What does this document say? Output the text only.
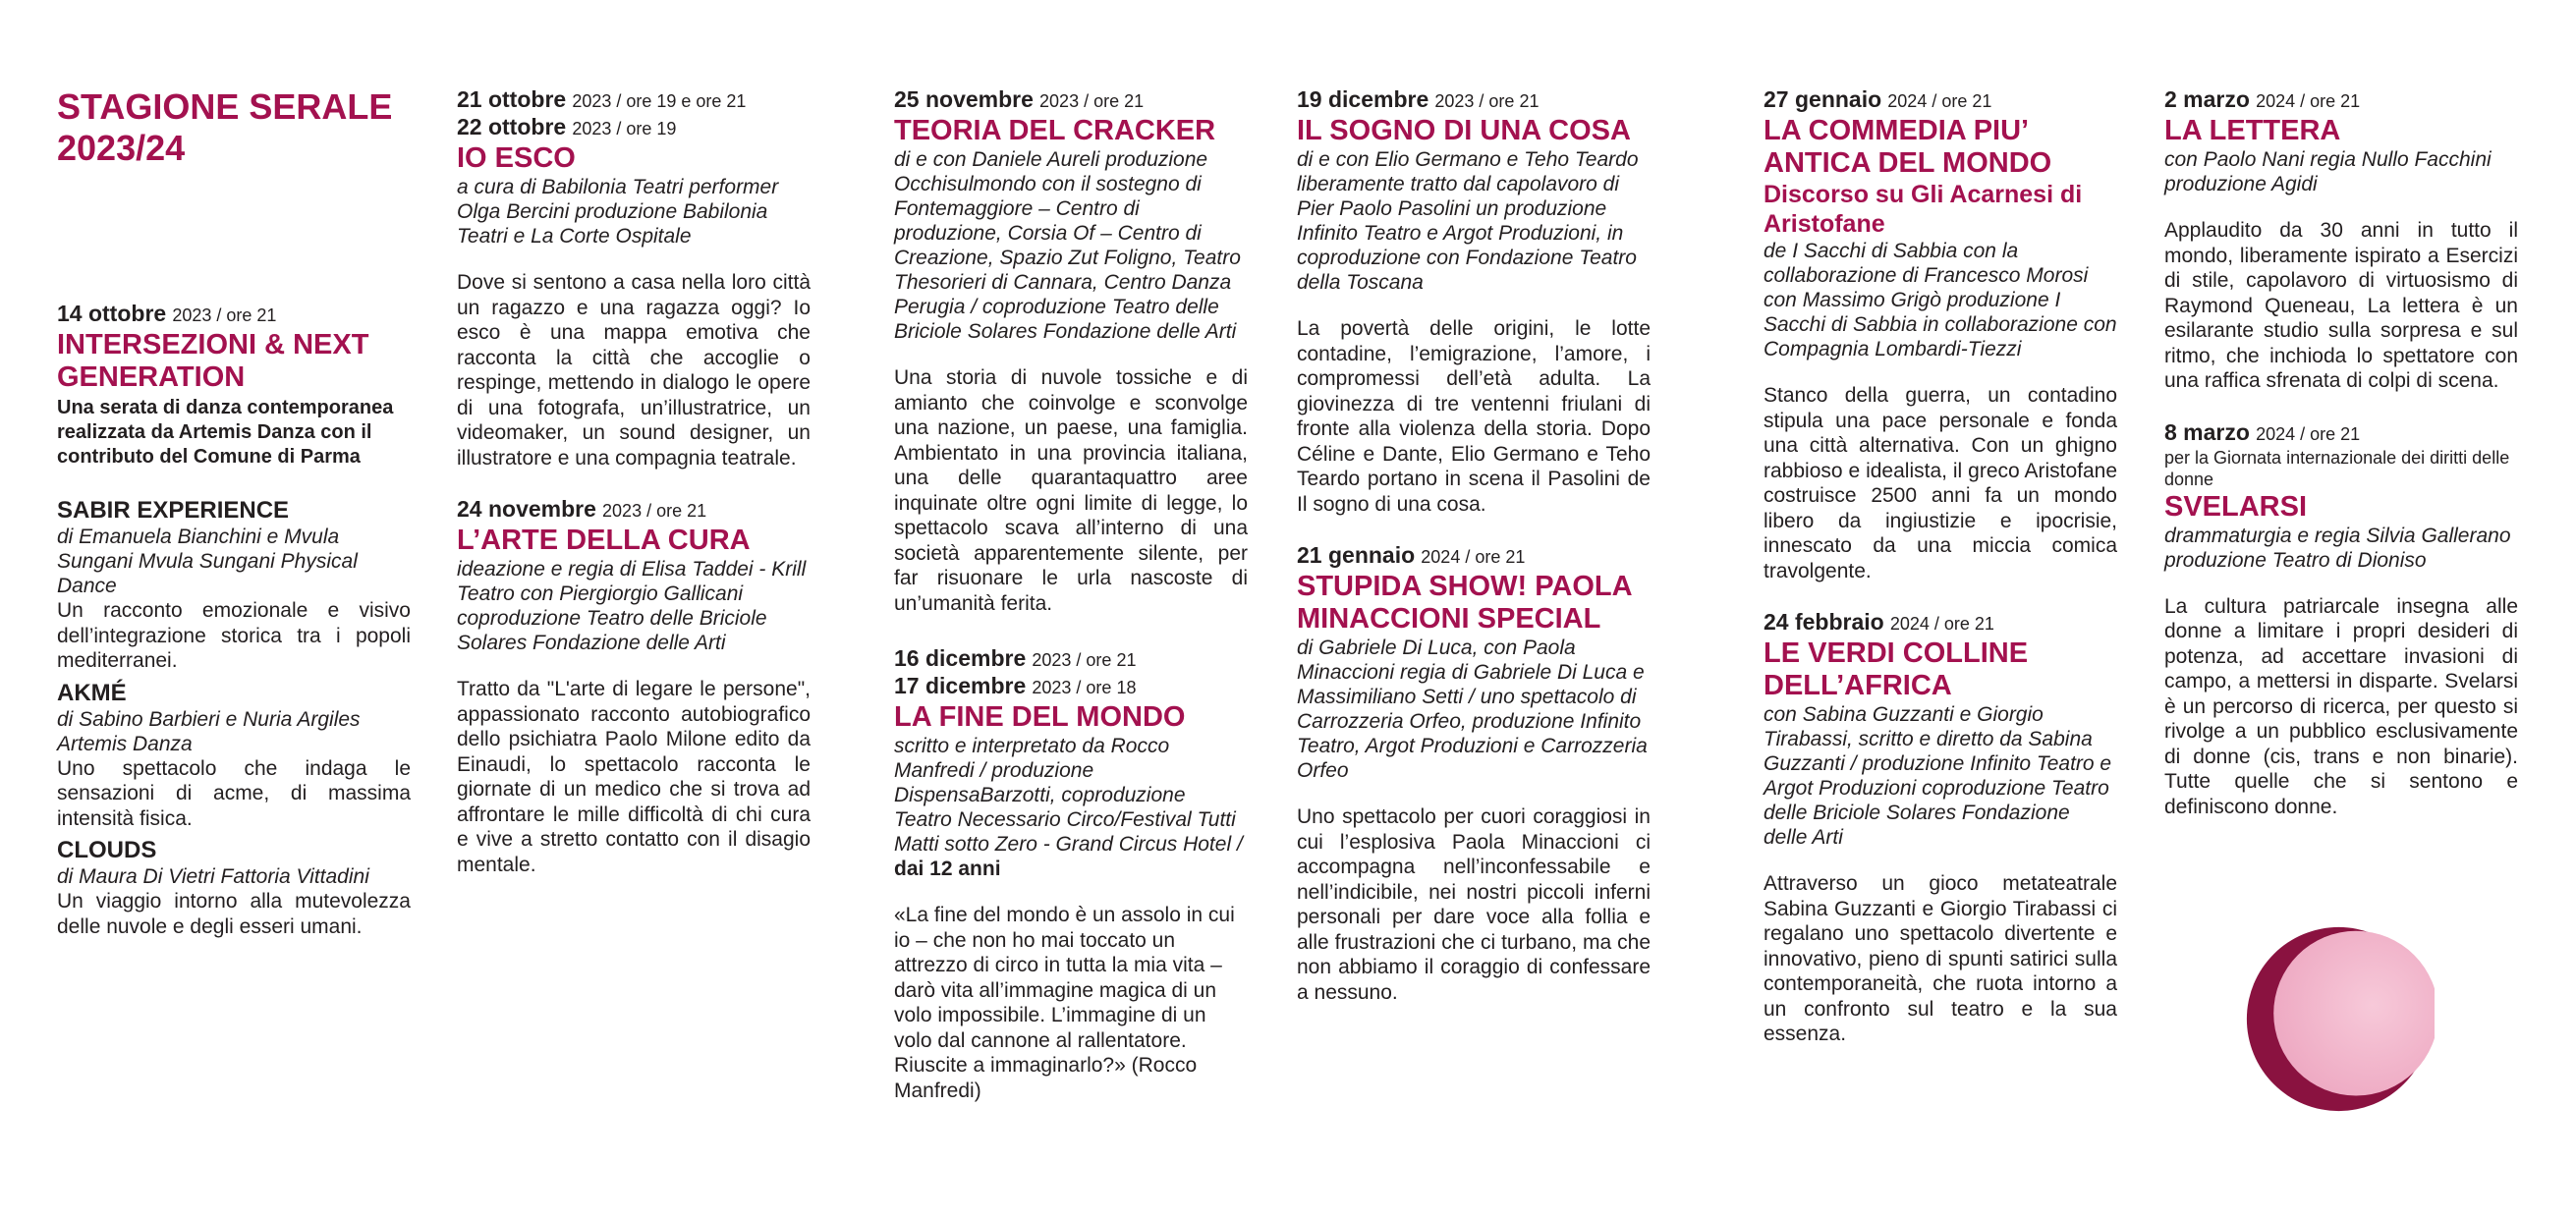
STAGIONE SERALE
2023/24

14 ottobre 2023 / ore 21

INTERSEZIONI & NEXT GENERATION

Una serata di danza contemporanea realizzata da Artemis Danza con il contributo del Comune di Parma

SABIR EXPERIENCE

di Emanuela Bianchini e Mvula Sungani Mvula Sungani Physical Dance

Un racconto emozionale e visivo dell’integrazione storica tra i popoli mediterranei.

AKMÉ

di Sabino Barbieri e Nuria Argiles Artemis Danza

Uno spettacolo che indaga le sensazioni di acme, di massima intensità fisica.

CLOUDS

di Maura Di Vietri Fattoria Vittadini

Un viaggio intorno alla mutevolezza delle nuvole e degli esseri umani.

21 ottobre 2023 / ore 19 e ore 21

22 ottobre 2023 / ore 19

IO ESCO

a cura di Babilonia Teatri performer Olga Bercini produzione Babilonia Teatri e La Corte Ospitale

Dove si sentono a casa nella loro città un ragazzo e una ragazza oggi? Io esco è una mappa emotiva che racconta la città che accoglie o respinge, mettendo in dialogo le opere di una fotografa, un’illustratrice, un videomaker, un sound designer, un illustratore e una compagnia teatrale.

24 novembre 2023 / ore 21

L’ARTE DELLA CURA

ideazione e regia di Elisa Taddei - Krill Teatro con Piergiorgio Gallicani coproduzione Teatro delle Briciole Solares Fondazione delle Arti

Tratto da "L'arte di legare le persone", appassionato racconto autobiografico dello psichiatra Paolo Milone edito da Einaudi, lo spettacolo racconta le giornate di un medico che si trova ad affrontare le mille difficoltà di chi cura e vive a stretto contatto con il disagio mentale.

25 novembre 2023 / ore 21

TEORIA DEL CRACKER

di e con Daniele Aureli produzione Occhisulmondo con il sostegno di Fontemaggiore – Centro di produzione, Corsia Of – Centro di Creazione, Spazio Zut Foligno, Teatro Thesorieri di Cannara, Centro Danza Perugia / coproduzione Teatro delle Briciole Solares Fondazione delle Arti

Una storia di nuvole tossiche e di amianto che coinvolge e sconvolge una nazione, un paese, una famiglia. Ambientato in una provincia italiana, una delle quarantaquattro aree inquinate oltre ogni limite di legge, lo spettacolo scava all’interno di una società apparentemente silente, per far risuonare le urla nascoste di un’umanità ferita.

16 dicembre 2023 / ore 21

17 dicembre 2023 / ore 18

LA FINE DEL MONDO

scritto e interpretato da Rocco Manfredi / produzione DispensaBarzotti, coproduzione Teatro Necessario Circo/Festival Tutti Matti sotto Zero - Grand Circus Hotel / dai 12 anni

«La fine del mondo è un assolo in cui io – che non ho mai toccato un attrezzo di circo in tutta la mia vita – darò vita all’immagine magica di un volo impossibile. L’immagine di un volo dal cannone al rallentatore. Riuscite a immaginarlo?» (Rocco Manfredi)

19 dicembre 2023 / ore 21

IL SOGNO DI UNA COSA

di e con Elio Germano e Teho Teardo liberamente tratto dal capolavoro di Pier Paolo Pasolini un produzione Infinito Teatro e Argot Produzioni, in coproduzione con Fondazione Teatro della Toscana

La povertà delle origini, le lotte contadine, l’emigrazione, l’amore, i compromessi dell’età adulta. La giovinezza di tre ventenni friulani di fronte alla violenza della storia. Dopo Céline e Dante, Elio Germano e Teho Teardo portano in scena il Pasolini de Il sogno di una cosa.

21 gennaio 2024 / ore 21

STUPIDA SHOW! PAOLA MINACCIONI SPECIAL

di Gabriele Di Luca, con Paola Minaccioni regia di Gabriele Di Luca e Massimiliano Setti / uno spettacolo di Carrozzeria Orfeo, produzione Infinito Teatro, Argot Produzioni e Carrozzeria Orfeo

Uno spettacolo per cuori coraggiosi in cui l’esplosiva Paola Minaccioni ci accompagna nell’inconfessabile e nell’indicibile, nei nostri piccoli inferni personali per dare voce alla follia e alle frustrazioni che ci turbano, ma che non abbiamo il coraggio di confessare a nessuno.

27 gennaio 2024 / ore 21

LA COMMEDIA PIU’ ANTICA DEL MONDO

Discorso su Gli Acarnesi di Aristofane

de I Sacchi di Sabbia con la collaborazione di Francesco Morosi con Massimo Grigò produzione I Sacchi di Sabbia in collaborazione con Compagnia Lombardi-Tiezzi

Stanco della guerra, un contadino stipula una pace personale e fonda una città alternativa. Con un ghigno rabbioso e idealista, il greco Aristofane costruisce 2500 anni fa un mondo libero da ingiustizie e ipocrisie, innescato da una miccia comica travolgente.

24 febbraio 2024 / ore 21

LE VERDI COLLINE DELL’AFRICA

con Sabina Guzzanti e Giorgio Tirabassi, scritto e diretto da Sabina Guzzanti / produzione Infinito Teatro e Argot Produzioni coproduzione Teatro delle Briciole Solares Fondazione delle Arti

Attraverso un gioco metateatrale Sabina Guzzanti e Giorgio Tirabassi ci regalano uno spettacolo divertente e innovativo, pieno di spunti satirici sulla contemporaneità, che ruota intorno a un confronto sul teatro e la sua essenza.

2 marzo 2024 / ore 21

LA LETTERA

con Paolo Nani regia Nullo Facchini produzione Agidi

Applaudito da 30 anni in tutto il mondo, liberamente ispirato a Esercizi di stile, capolavoro di virtuosismo di Raymond Queneau, La lettera è un esilarante studio sulla sorpresa e sul ritmo, che inchioda lo spettatore con una raffica sfrenata di colpi di scena.

8 marzo 2024 / ore 21

per la Giornata internazionale dei diritti delle donne

SVELARSI

drammaturgia e regia Silvia Gallerano produzione Teatro di Dioniso

La cultura patriarcale insegna alle donne a limitare i propri desideri di potenza, ad accettare invasioni di campo, a mettersi in disparte. Svelarsi è un percorso di ricerca, per questo si rivolge a un pubblico esclusivamente di donne (cis, trans e non binarie). Tutte quelle che si sentono e definiscono donne.
